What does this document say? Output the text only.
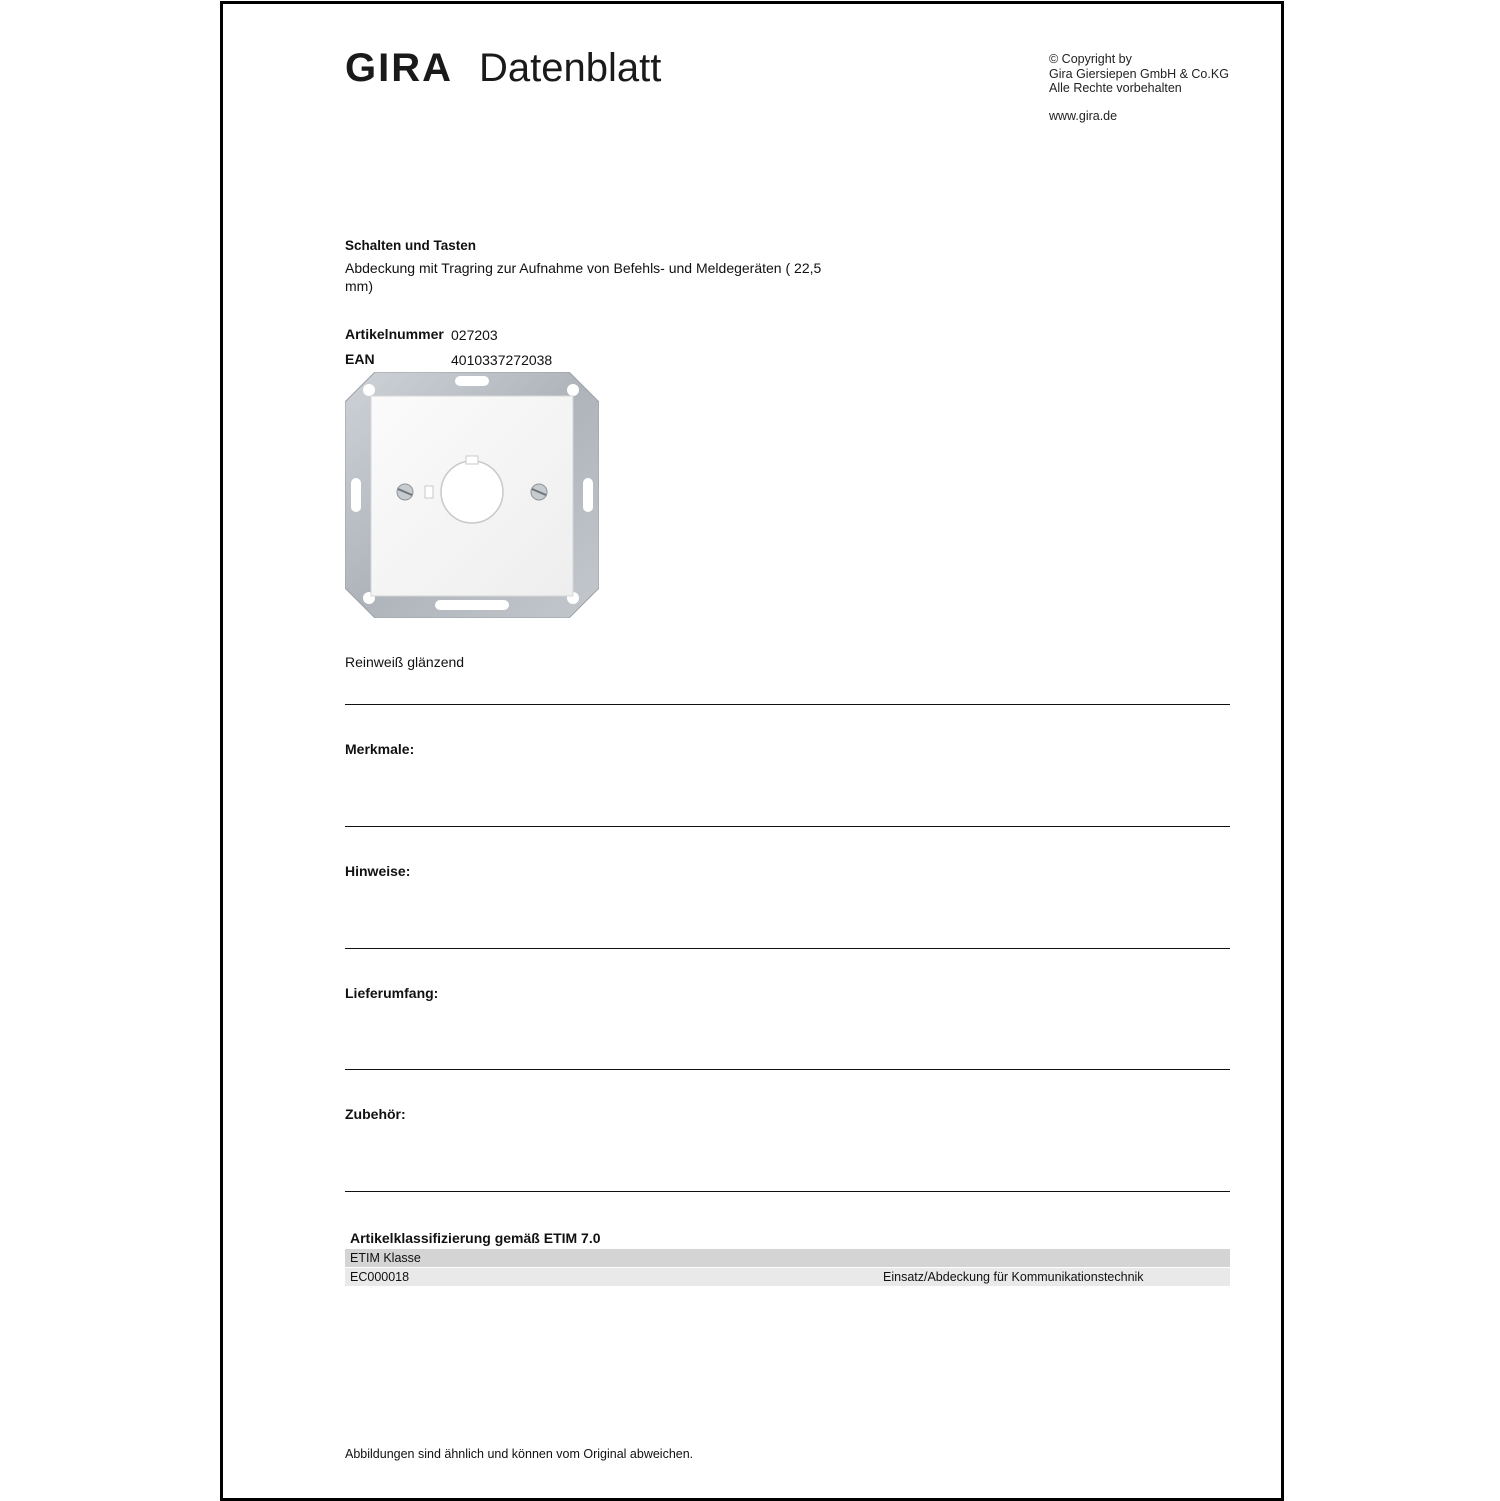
GIRA Datenblatt	© Copyright by
Gira Giersiepen GmbH & Co.KG
Alle Rechte vorbehalten
www.gira.de
Schalten und Tasten
Abdeckung mit Tragring zur Aufnahme von Befehls- und Meldegeräten ( 22,5 mm)
Artikelnummer 027203
EAN	4010337272038
Reinweiß glänzend
Merkmale:
Hinweise:
Lieferumfang:
Zubehör:
Artikelklassifizierung gemäß ETIM 7.0
ETIM Klasse
EC000018	Einsatz/Abdeckung für Kommunikationstechnik
Abbildungen sind ähnlich und können vom Original abweichen.
